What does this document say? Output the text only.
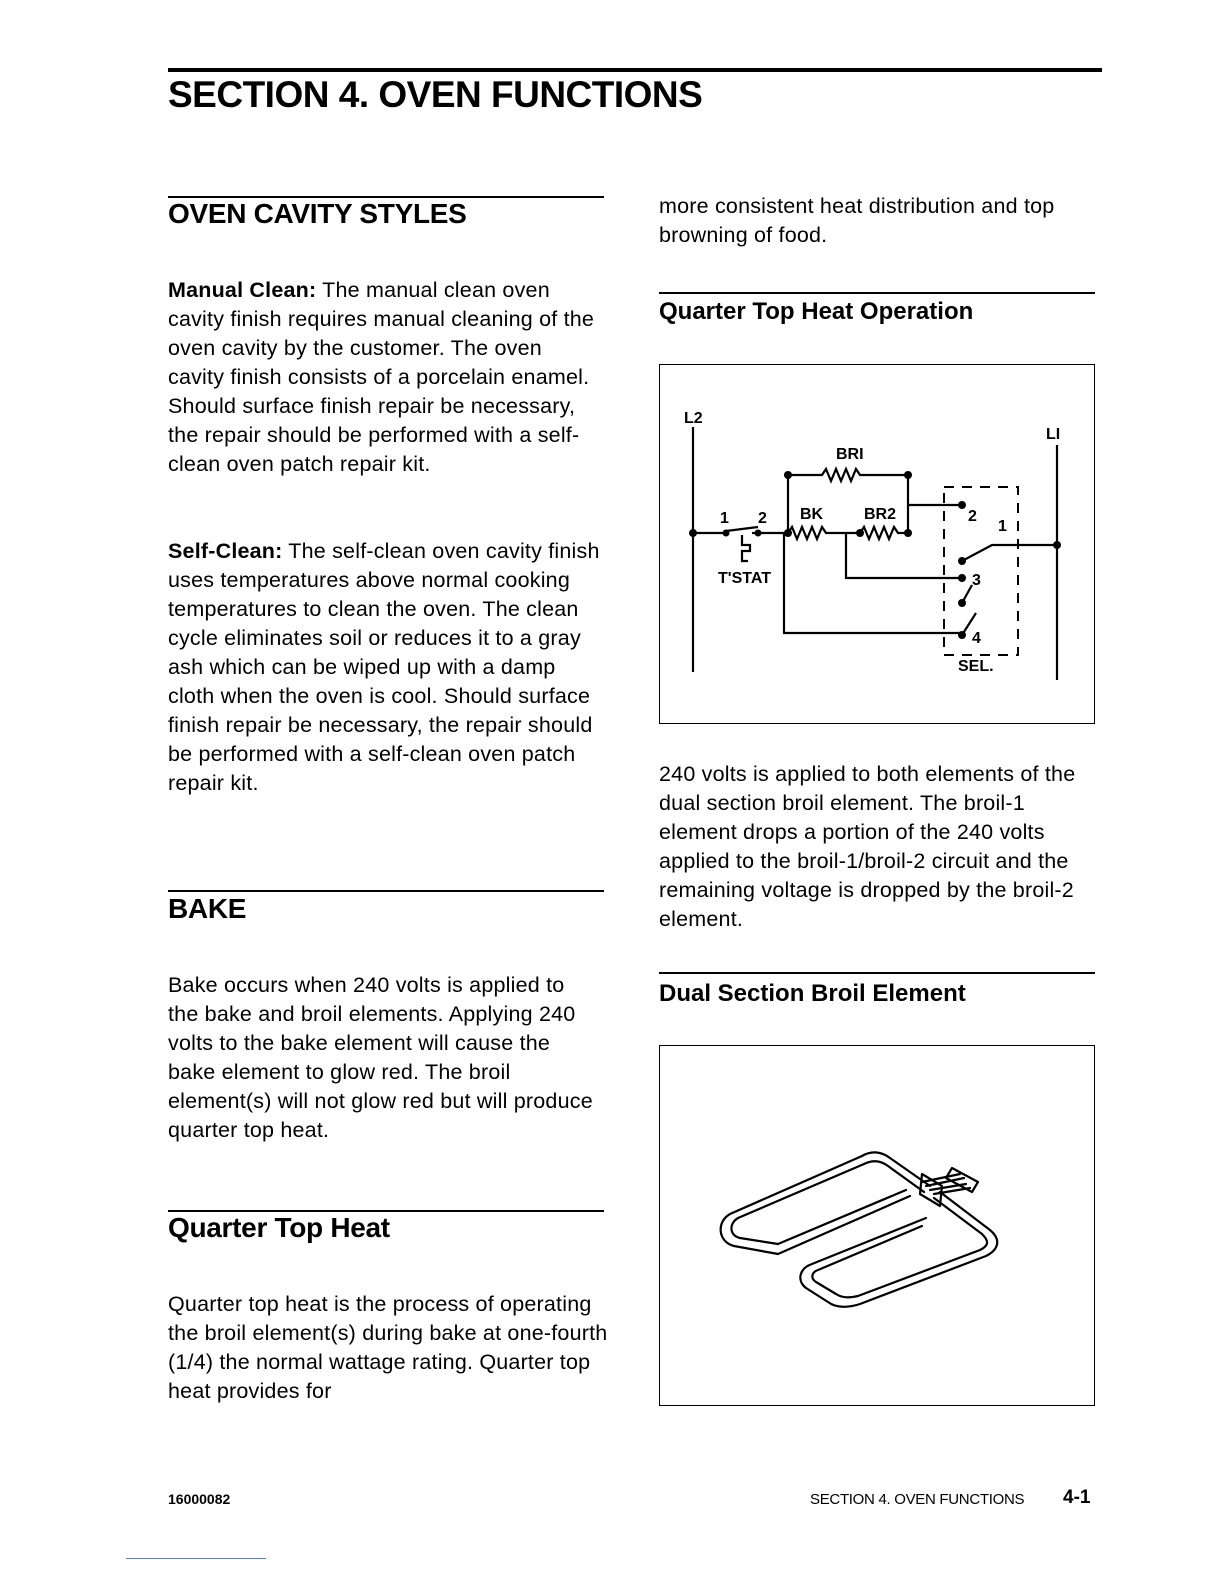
SECTION 4. OVEN FUNCTIONS
OVEN CAVITY STYLES

Manual Clean: The manual clean oven cavity finish requires manual cleaning of the oven cavity by the customer. The oven cavity finish consists of a porcelain enamel. Should surface finish repair be necessary, the repair should be performed with a self-clean oven patch repair kit.

Self-Clean: The self-clean oven cavity finish uses temperatures above normal cooking temperatures to clean the oven. The clean cycle eliminates soil or reduces it to a gray ash which can be wiped up with a damp cloth when the oven is cool. Should surface finish repair be necessary, the repair should be performed with a self-clean oven patch repair kit.

BAKE

Bake occurs when 240 volts is applied to the bake and broil elements. Applying 240 volts to the bake element will cause the bake element to glow red. The broil element(s) will not glow red but will produce quarter top heat.

Quarter Top Heat

Quarter top heat is the process of operating the broil element(s) during bake at one-fourth (1/4) the normal wattage rating. Quarter top heat provides for

more consistent heat distribution and top browning of food.

Quarter Top Heat Operation
L2
LI
BRI
BK	BR2
1 2
T'STAT
2
1
3
4
SEL.

240 volts is applied to both elements of the dual section broil element. The broil-1 element drops a portion of the 240 volts applied to the broil-1/broil-2 circuit and the remaining voltage is dropped by the broil-2 element.

Dual Section Broil Element
16000082	SECTION 4. OVEN FUNCTIONS 4-1
